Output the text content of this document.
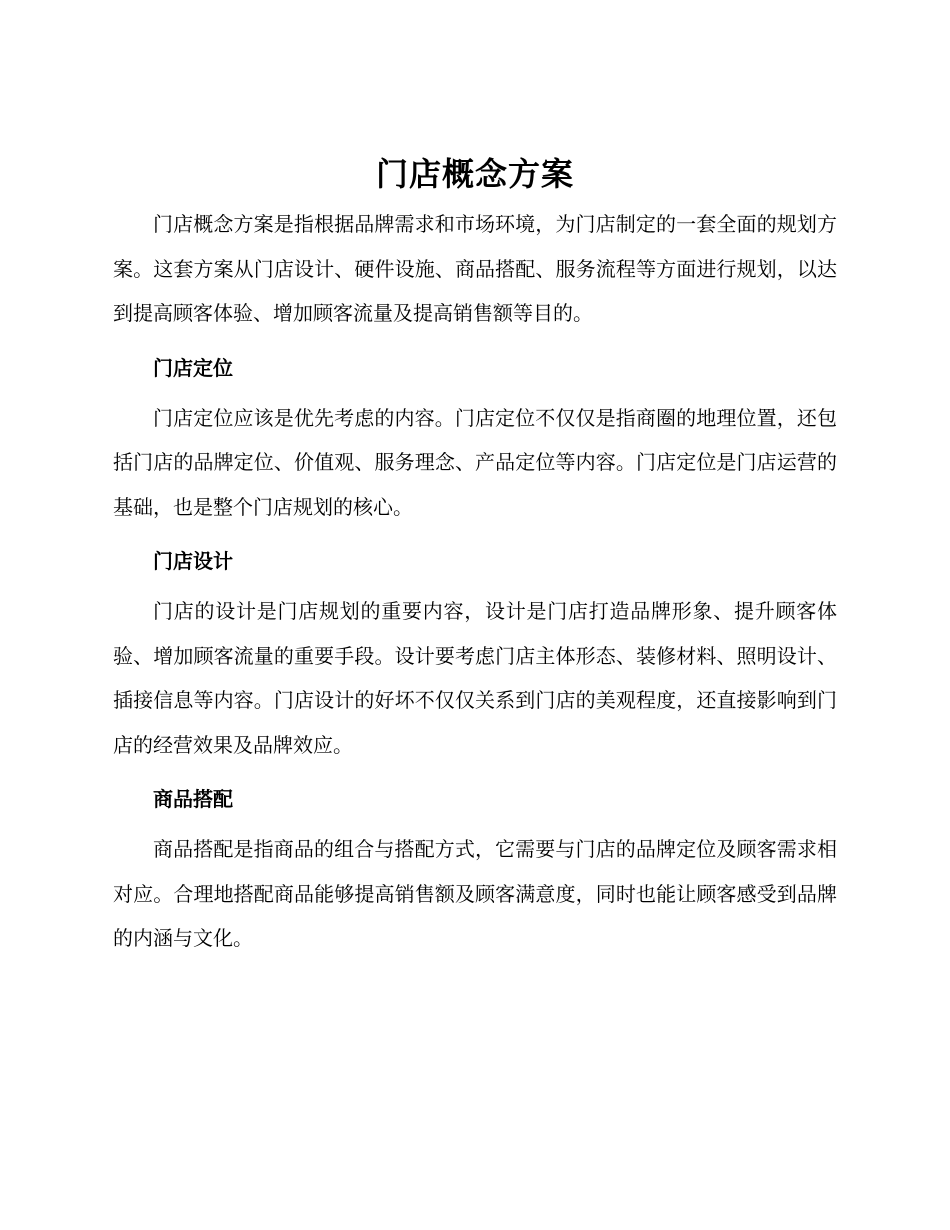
门店概念方案

门店概念方案是指根据品牌需求和市场环境，为门店制定的一套全面的规划方案。这套方案从门店设计、硬件设施、商品搭配、服务流程等方面进行规划，以达到提高顾客体验、增加顾客流量及提高销售额等目的。

门店定位

门店定位应该是优先考虑的内容。门店定位不仅仅是指商圈的地理位置，还包括门店的品牌定位、价值观、服务理念、产品定位等内容。门店定位是门店运营的基础，也是整个门店规划的核心。

门店设计

门店的设计是门店规划的重要内容，设计是门店打造品牌形象、提升顾客体验、增加顾客流量的重要手段。设计要考虑门店主体形态、装修材料、照明设计、插接信息等内容。门店设计的好坏不仅仅关系到门店的美观程度，还直接影响到门店的经营效果及品牌效应。

商品搭配

商品搭配是指商品的组合与搭配方式，它需要与门店的品牌定位及顾客需求相对应。合理地搭配商品能够提高销售额及顾客满意度，同时也能让顾客感受到品牌的内涵与文化。
